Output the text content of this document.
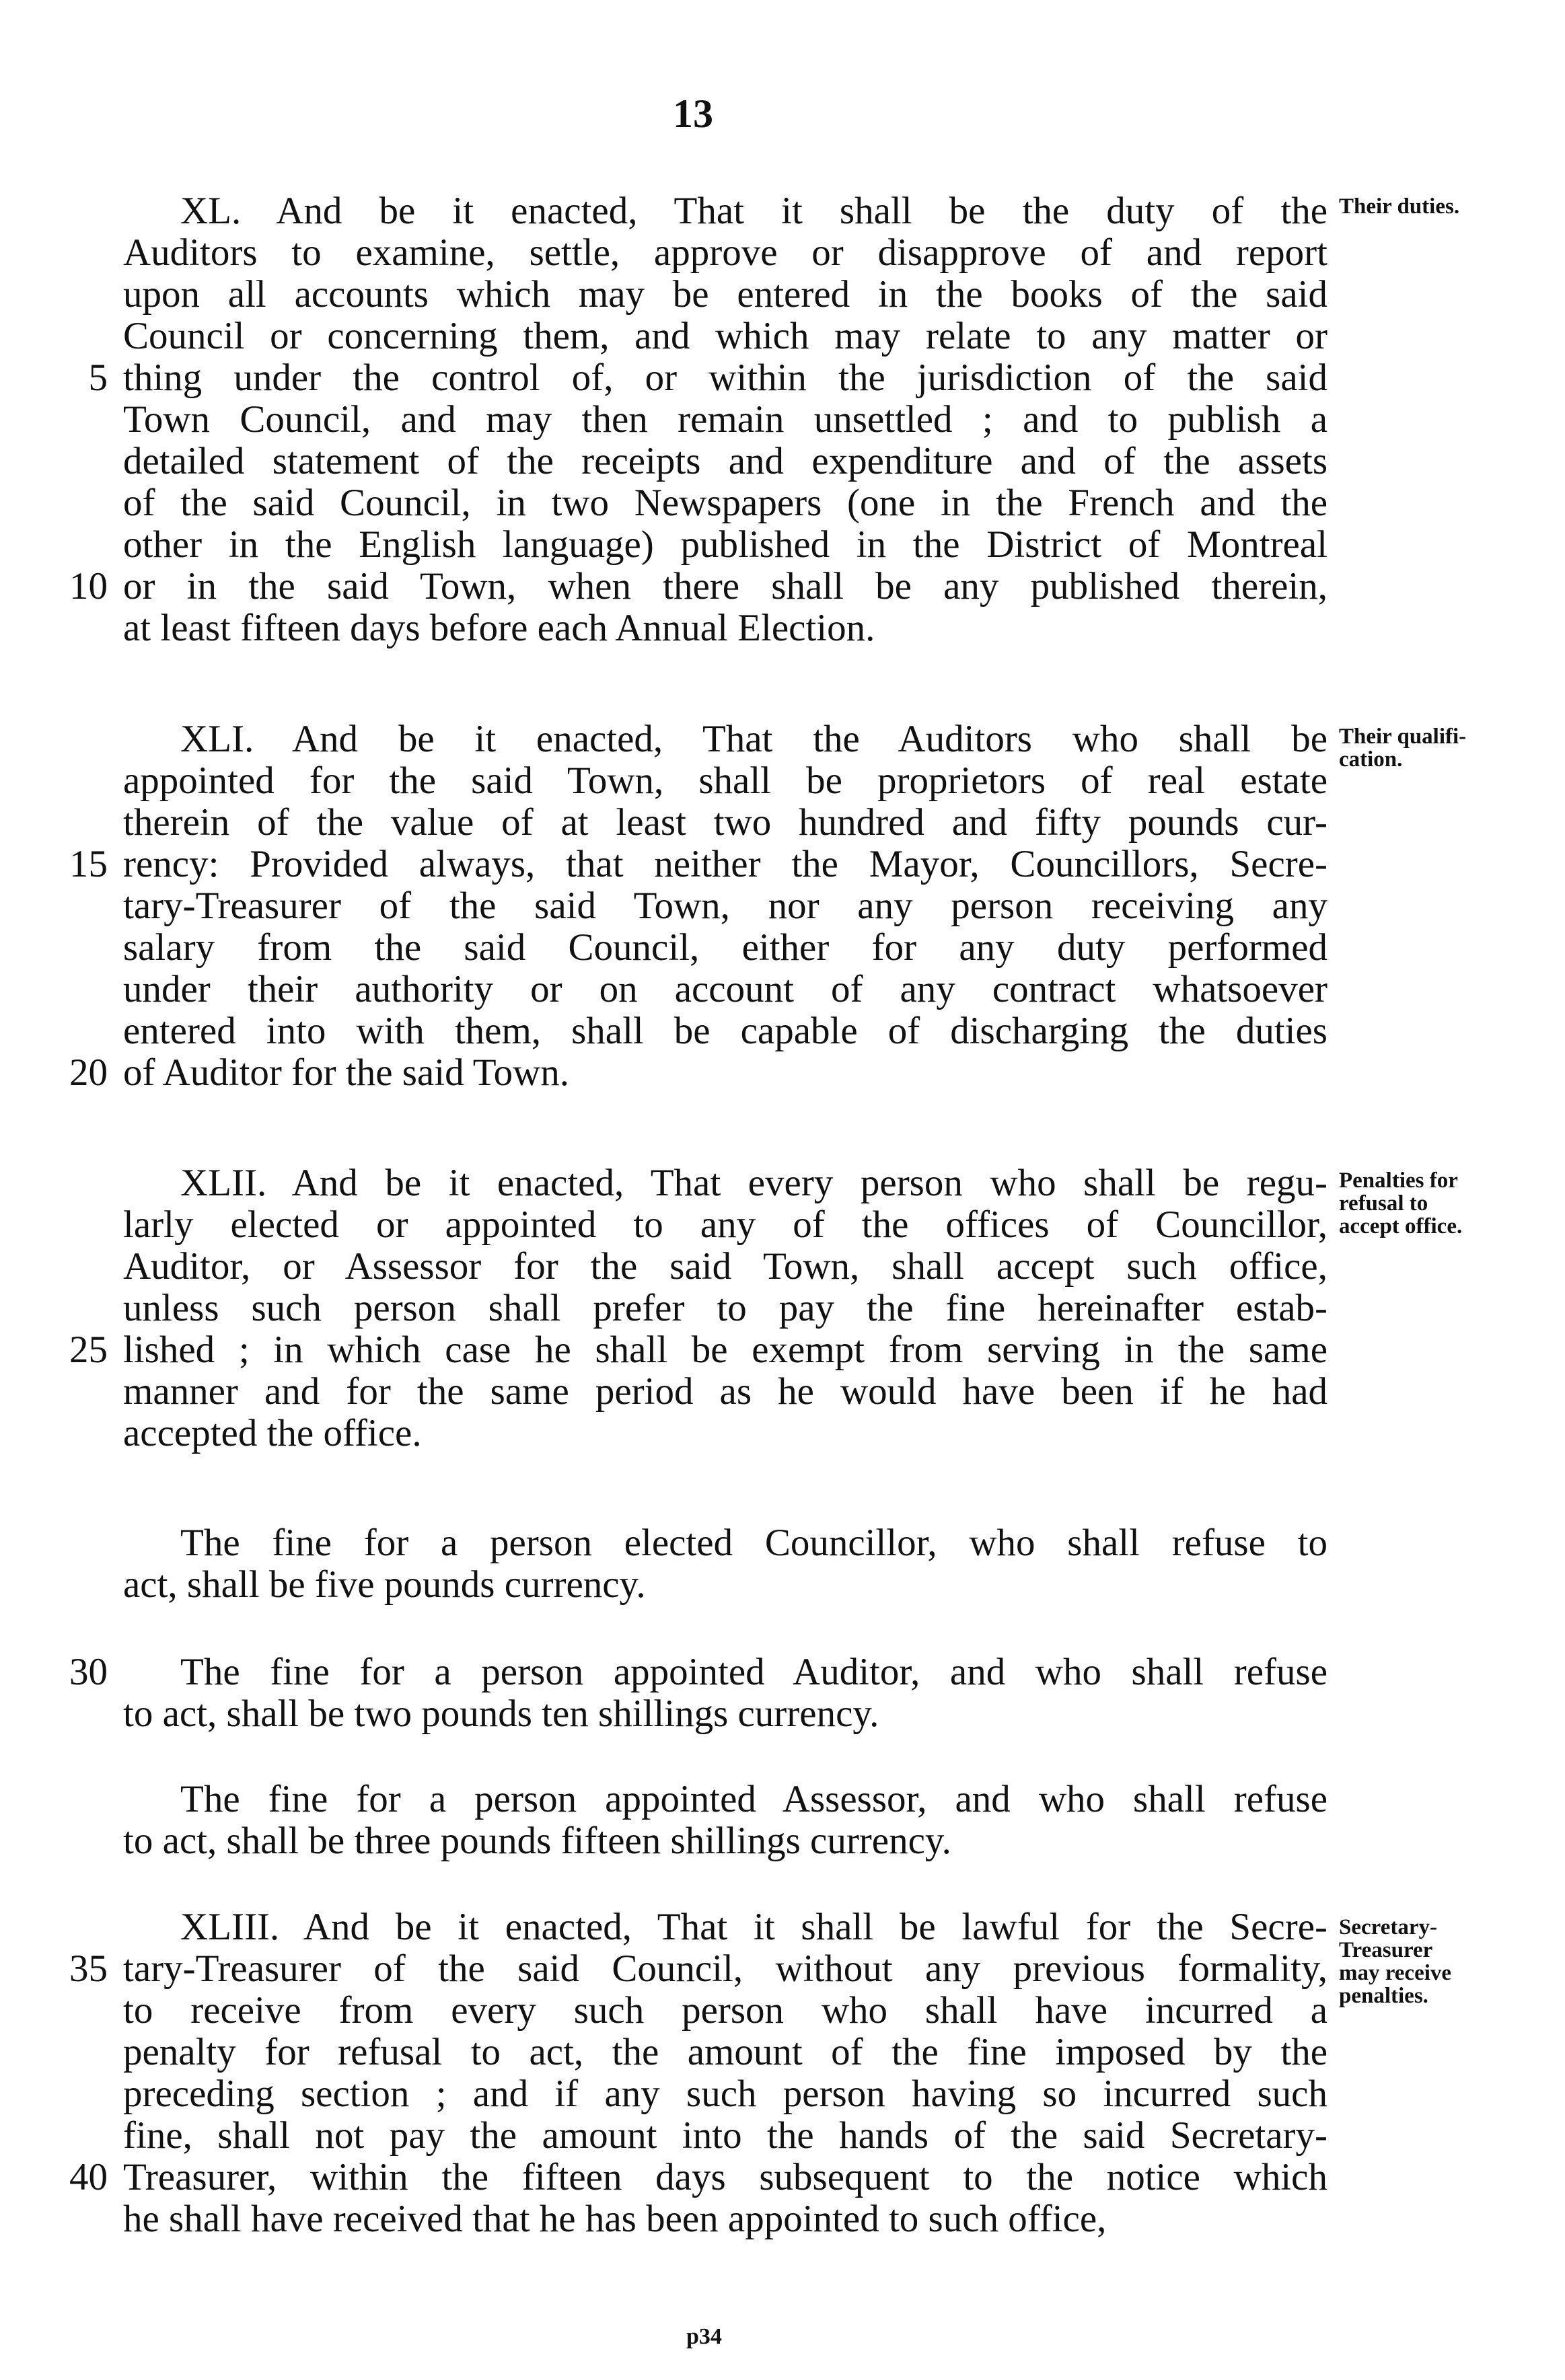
13
XL. And be it enacted, That it shall be the duty of the
Auditors to examine, settle, approve or disapprove of and report
upon all accounts which may be entered in the books of the said
Council or concerning them, and which may relate to any matter or
thing under the control of, or within the jurisdiction of the said
Town Council, and may then remain unsettled ; and to publish a
detailed statement of the receipts and expenditure and of the assets
of the said Council, in two Newspapers (one in the French and the
other in the English language) published in the District of Montreal
or in the said Town, when there shall be any published therein,
at least fifteen days before each Annual Election.
XLI. And be it enacted, That the Auditors who shall be
appointed for the said Town, shall be proprietors of real estate
therein of the value of at least two hundred and fifty pounds cur-
rency: Provided always, that neither the Mayor, Councillors, Secre-
tary-Treasurer of the said Town, nor any person receiving any
salary from the said Council, either for any duty performed
under their authority or on account of any contract whatsoever
entered into with them, shall be capable of discharging the duties
of Auditor for the said Town.
XLII. And be it enacted, That every person who shall be regu-
larly elected or appointed to any of the offices of Councillor,
Auditor, or Assessor for the said Town, shall accept such office,
unless such person shall prefer to pay the fine hereinafter estab-
lished ; in which case he shall be exempt from serving in the same
manner and for the same period as he would have been if he had
accepted the office.
The fine for a person elected Councillor, who shall refuse to
act, shall be five pounds currency.
The fine for a person appointed Auditor, and who shall refuse
to act, shall be two pounds ten shillings currency.
The fine for a person appointed Assessor, and who shall refuse
to act, shall be three pounds fifteen shillings currency.
XLIII. And be it enacted, That it shall be lawful for the Secre-
tary-Treasurer of the said Council, without any previous formality,
to receive from every such person who shall have incurred a
penalty for refusal to act, the amount of the fine imposed by the
preceding section ; and if any such person having so incurred such
fine, shall not pay the amount into the hands of the said Secretary-
Treasurer, within the fifteen days subsequent to the notice which
he shall have received that he has been appointed to such office,
5
10
15
20
25
30
35
40
Their duties.
Their qualifi-
cation.
Penalties for
refusal to
accept office.
Secretary-
Treasurer
may receive
penalties.
p34
